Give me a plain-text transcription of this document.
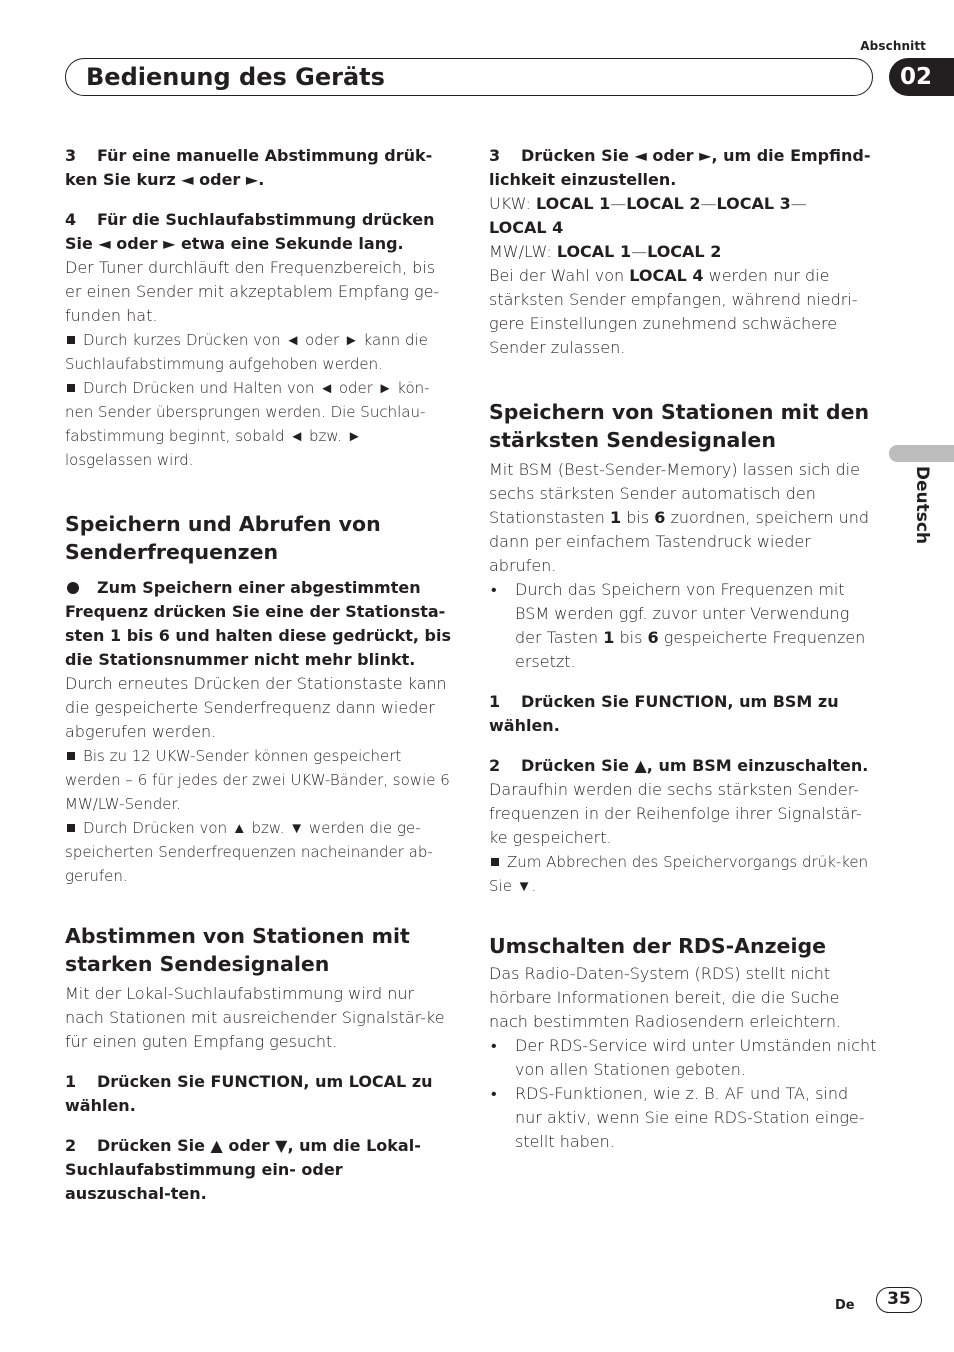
Abschnitt
Bedienung des Geräts	02
Deutsch
3 Für eine manuelle Abstimmung drük-ken Sie kurz ◄ oder ►.
4 Für die Suchlaufabstimmung drücken Sie ◄ oder ► etwa eine Sekunde lang.

Der Tuner durchläuft den Frequenzbereich, bis er einen Sender mit akzeptablem Empfang ge-funden hat.

Durch kurzes Drücken von ◄ oder ► kann die Suchlaufabstimmung aufgehoben werden.
Durch Drücken und Halten von ◄ oder ► kön-nen Sender übersprungen werden. Die Suchlau-fabstimmung beginnt, sobald ◄ bzw. ► losgelassen wird.
Speichern und Abrufen von Senderfrequenzen
Zum Speichern einer abgestimmten Frequenz drücken Sie eine der Stationsta-sten 1 bis 6 und halten diese gedrückt, bis die Stationsnummer nicht mehr blinkt.

Durch erneutes Drücken der Stationstaste kann die gespeicherte Senderfrequenz dann wieder abgerufen werden.

Bis zu 12 UKW-Sender können gespeichert werden – 6 für jedes der zwei UKW-Bänder, sowie 6 MW/LW-Sender.
Durch Drücken von ▲ bzw. ▼ werden die ge-speicherten Senderfrequenzen nacheinander ab-gerufen.
Abstimmen von Stationen mit starken Sendesignalen

Mit der Lokal-Suchlaufabstimmung wird nur nach Stationen mit ausreichender Signalstär-ke für einen guten Empfang gesucht.

1 Drücken Sie FUNCTION, um LOCAL zu wählen.
2 Drücken Sie ▲ oder ▼, um die Lokal-Suchlaufabstimmung ein- oder auszuschal-ten.
3 Drücken Sie ◄ oder ►, um die Empfind-lichkeit einzustellen.

UKW: LOCAL 1—LOCAL 2—LOCAL 3—
LOCAL 4

MW/LW: LOCAL 1—LOCAL 2

Bei der Wahl von LOCAL 4 werden nur die stärksten Sender empfangen, während niedri-gere Einstellungen zunehmend schwächere Sender zulassen.

Speichern von Stationen mit den stärksten Sendesignalen

Mit BSM (Best-Sender-Memory) lassen sich die sechs stärksten Sender automatisch den Stationstasten 1 bis 6 zuordnen, speichern und dann per einfachem Tastendruck wieder abrufen.

• Durch das Speichern von Frequenzen mit BSM werden ggf. zuvor unter Verwendung der Tasten 1 bis 6 gespeicherte Frequenzen ersetzt.
1 Drücken Sie FUNCTION, um BSM zu wählen.
2 Drücken Sie ▲, um BSM einzuschalten.

Daraufhin werden die sechs stärksten Sender-frequenzen in der Reihenfolge ihrer Signalstär-ke gespeichert.

Zum Abbrechen des Speichervorgangs drük-ken Sie ▼.
Umschalten der RDS-Anzeige

Das Radio-Daten-System (RDS) stellt nicht hörbare Informationen bereit, die die Suche nach bestimmten Radiosendern erleichtern.

• Der RDS-Service wird unter Umständen nicht von allen Stationen geboten.
• RDS-Funktionen, wie z. B. AF und TA, sind nur aktiv, wenn Sie eine RDS-Station einge-stellt haben.
De	35
